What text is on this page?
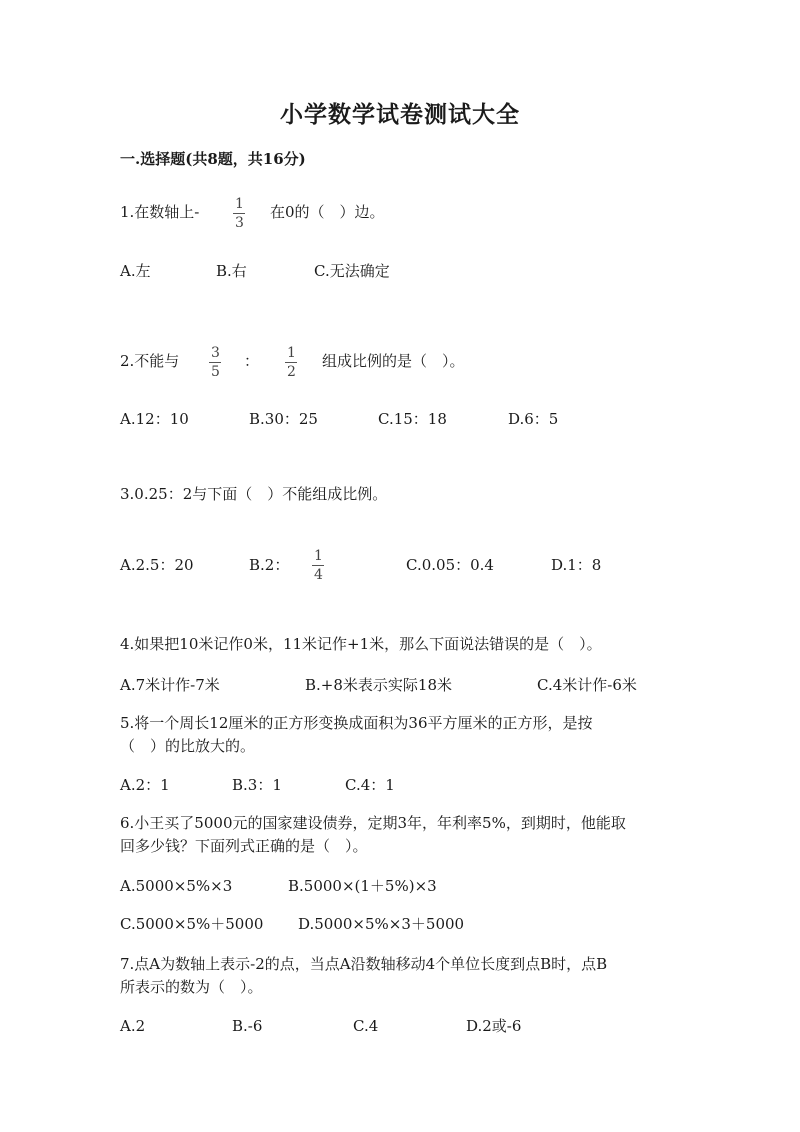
小学数学试卷测试大全
一.选择题(共8题，共16分)
1.在数轴上-	1
3
在0的（　）边。
A.左	B.右	C.无法确定
2.不能与 3
5
： 1
2
组成比例的是（　）。
A.12：10	B.30：25	C.15：18	D.6：5
3.0.25：2与下面（　）不能组成比例。
A.2.5：20	B.2： 1
4
C.0.05：0.4	D.1：8
4.如果把10米记作0米，11米记作+1米，那么下面说法错误的是（　）。
A.7米计作-7米	B.+8米表示实际18米	C.4米计作-6米
5.将一个周长12厘米的正方形变换成面积为36平方厘米的正方形，是按
（　）的比放大的。
A.2：1	B.3：1	C.4：1
6.小王买了5000元的国家建设债券，定期3年，年利率5%，到期时，他能取
回多少钱？下面列式正确的是（　）。
A.5000×5%×3	B.5000×(1＋5%)×3
C.5000×5%＋5000 D.5000×5%×3＋5000
7.点A为数轴上表示-2的点，当点A沿数轴移动4个单位长度到点B时，点B
所表示的数为（　）。
A.2	B.-6	C.4	D.2或-6
